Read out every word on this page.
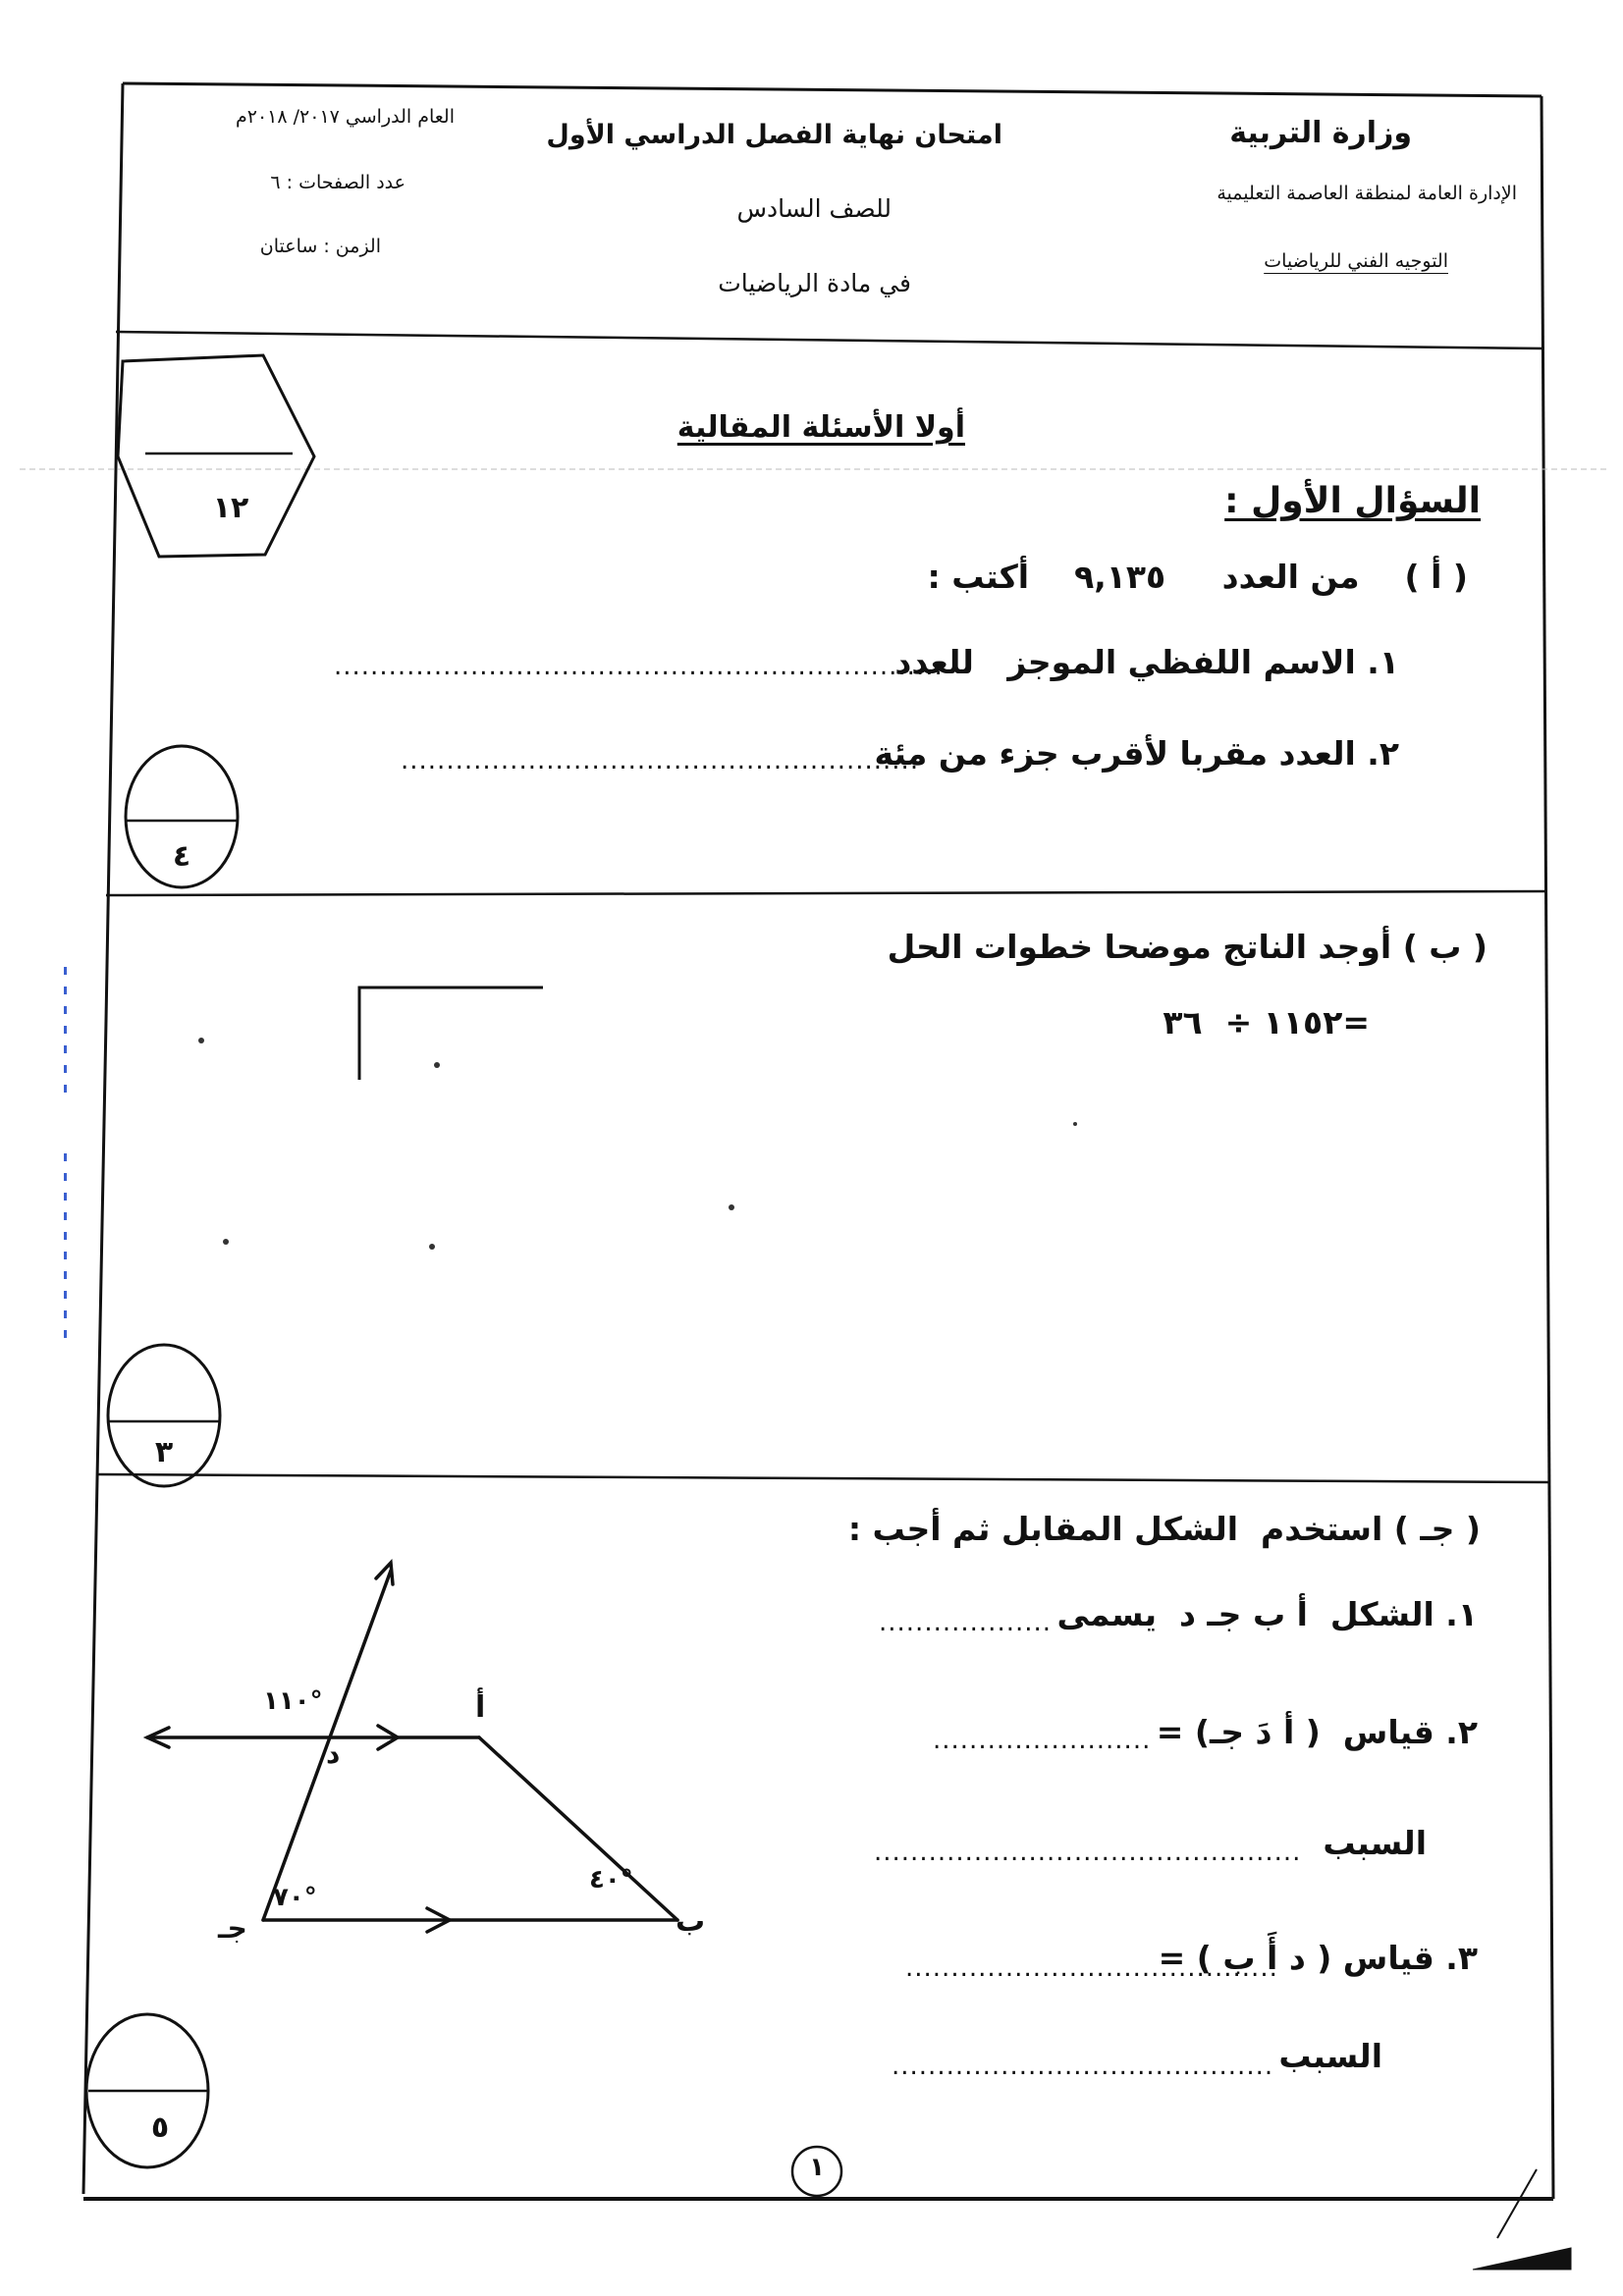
أ
ب
جـ
د
١١٠°
٧٠°
٤٠°
وزارة التربية
الإدارة العامة لمنطقة العاصمة التعليمية
التوجيه الفني للرياضيات
امتحان نهاية الفصل الدراسي الأول
للصف السادس
في مادة الرياضيات
العام الدراسي ٢٠١٧/ ٢٠١٨م
عدد الصفحات : ٦
الزمن : ساعتان
أولا الأسئلة المقالية
١٢	السؤال الأول :
( أ )    من العدد     ٩,١٣٥    أكتب :
١. الاسم اللفظي الموجز   للعدد
...................................................................
٢. العدد مقربا لأقرب جزء من مئة
.........................................................
٤
( ب ) أوجد الناتج موضحا خطوات الحل
١١٥٢ ÷  ٣٦=
٣
( جـ ) استخدم  الشكل المقابل ثم أجب :
١. الشكل  أ ب جـ د  يسمى
...................
٢. قياس  ( أ دَ جـ) =
........................
السبب
...............................................
٣. قياس ( د أَ ب ) =
.........................................
السبب
..........................................
٥
١
